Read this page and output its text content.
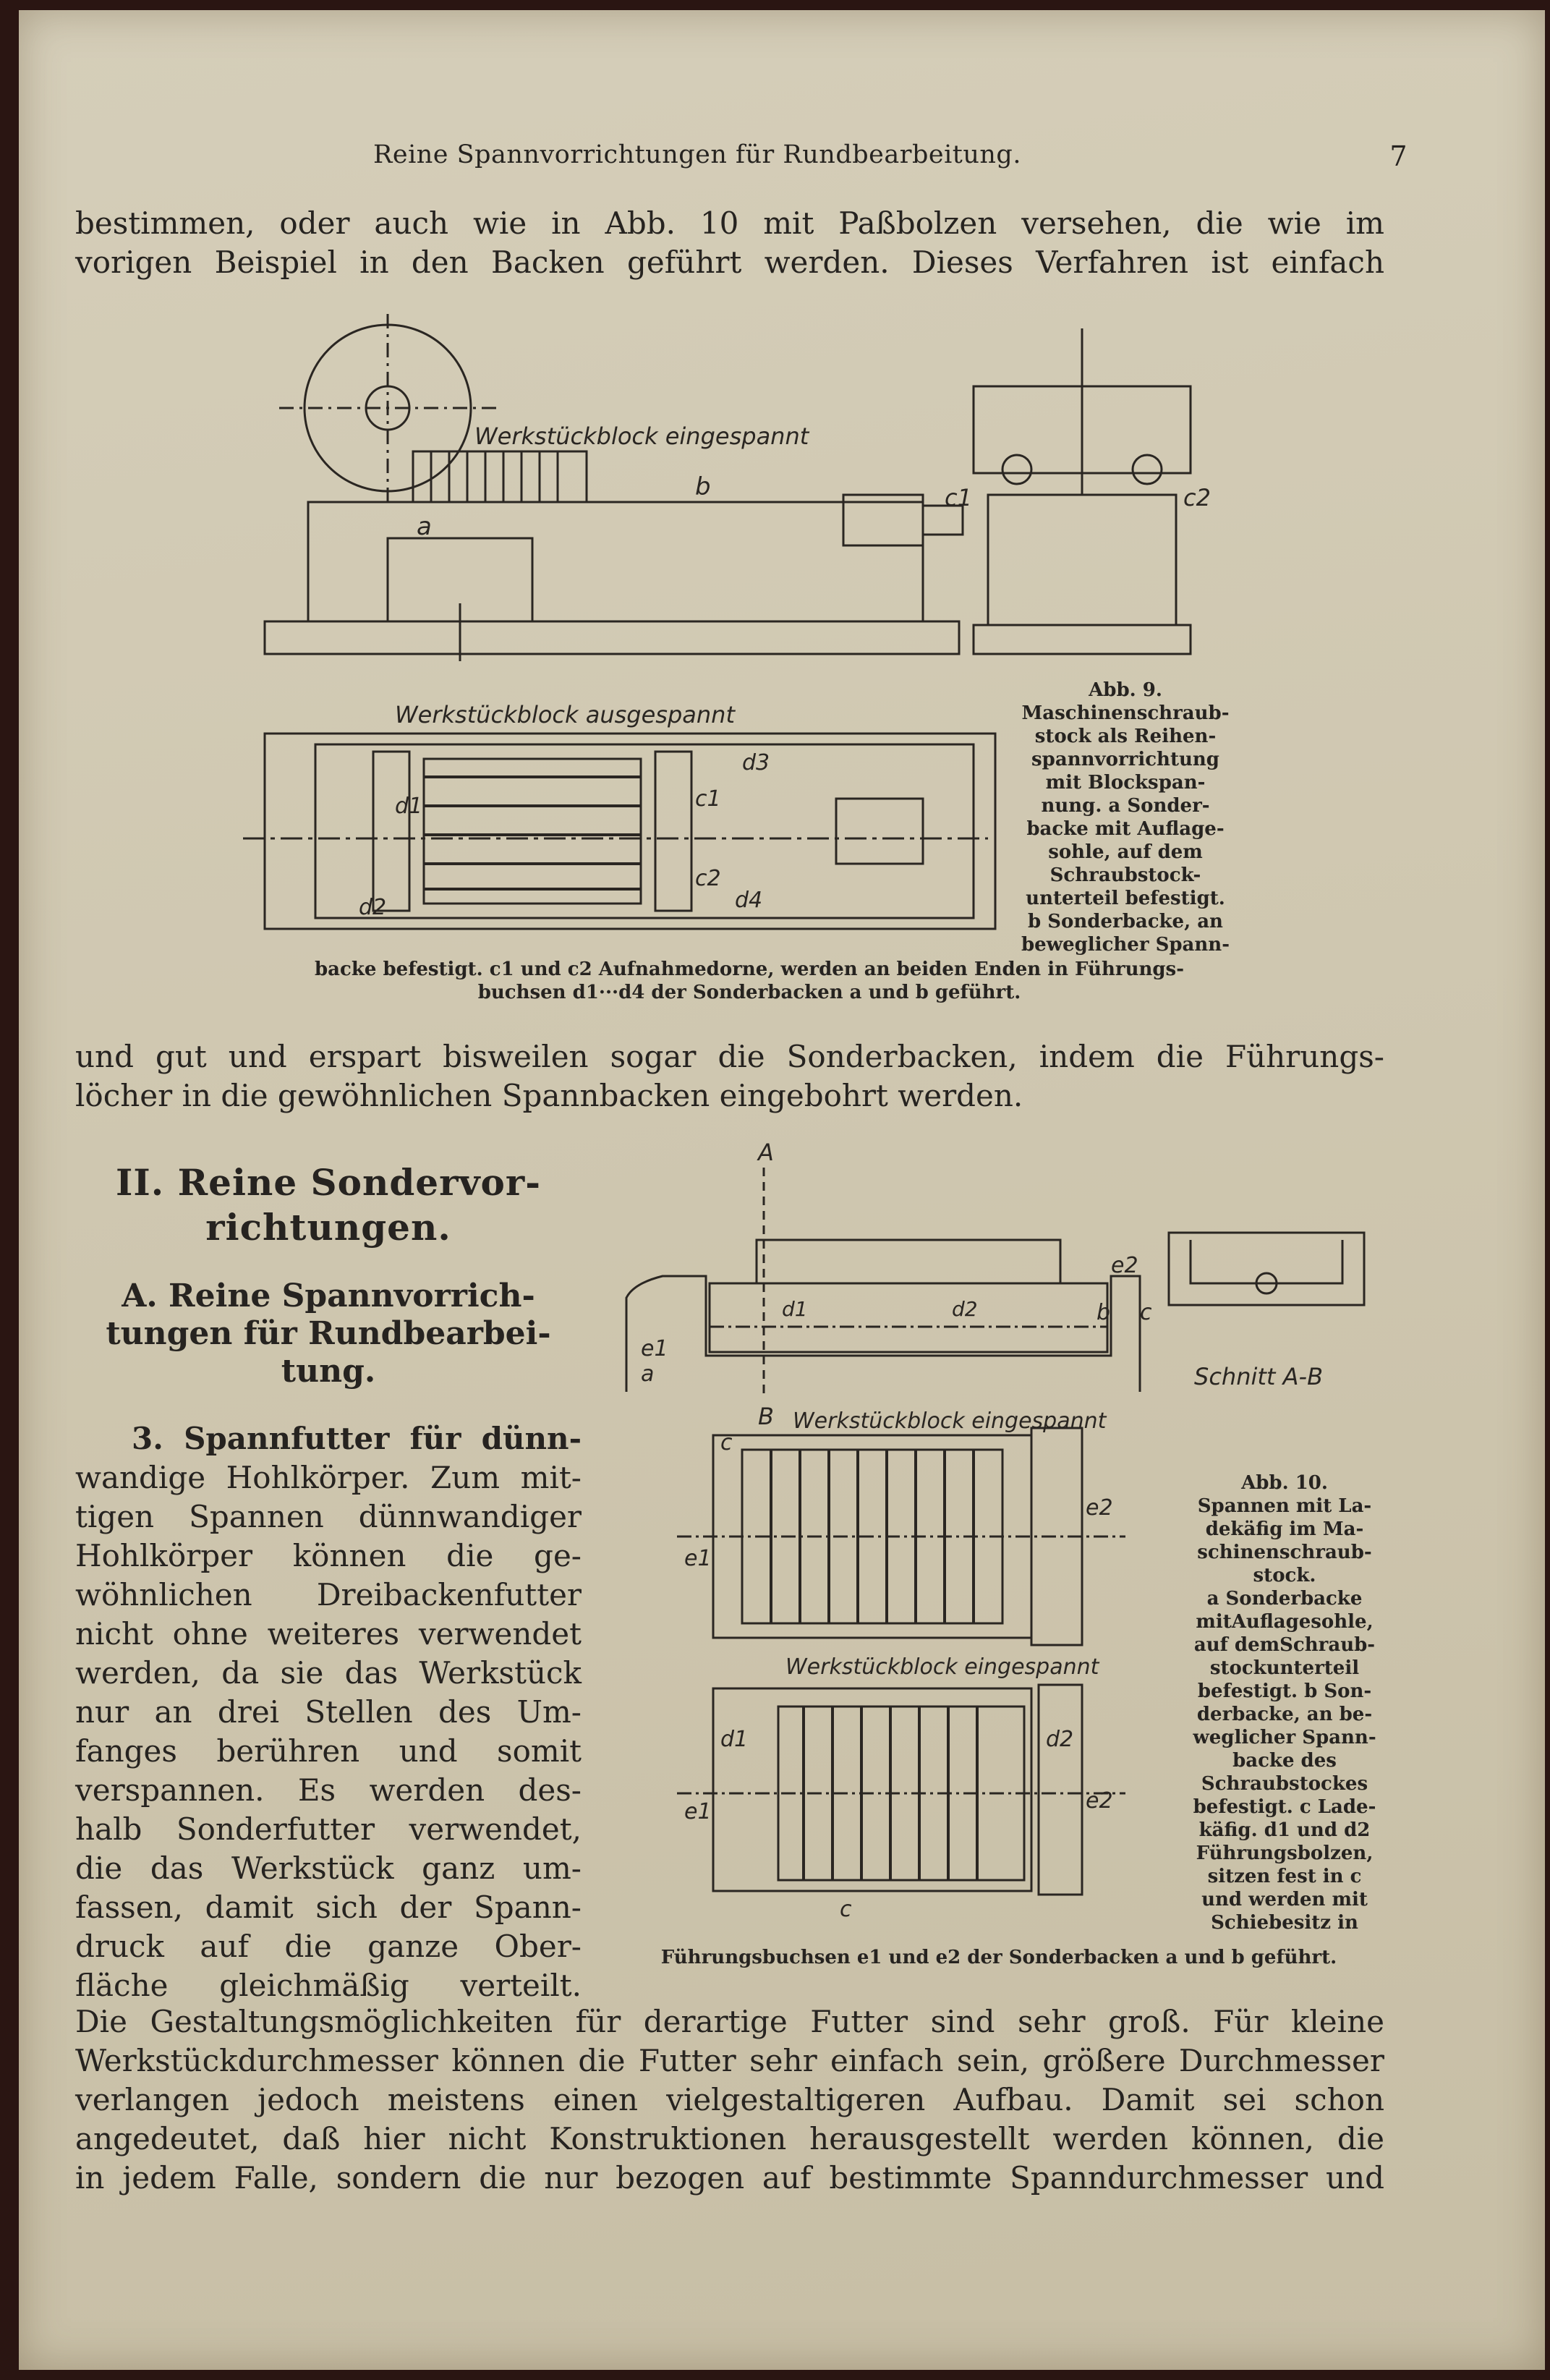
Reine Spannvorrichtungen für Rundbearbeitung.	7
bestimmen, oder auch wie in Abb. 10 mit Paßbolzen versehen, die wie im
vorigen Beispiel in den Backen geführt werden. Dieses Verfahren ist einfach
Werkstückblock eingespannt
a
b	c1	c2
Werkstückblock ausgespannt
d1
d2
d3
d4
c1
c2
Abb. 9.
Maschinenschraub-
stock als Reihen-
spannvorrichtung
mit Blockspan-
nung. a Sonder-
backe mit Auflage-
sohle, auf dem
Schraubstock-
unterteil befestigt.
b Sonderbacke, an
beweglicher Spann-
backe befestigt. c1 und c2 Aufnahmedorne, werden an beiden Enden in Führungs-
buchsen d1···d4 der Sonderbacken a und b geführt.
und gut und erspart bisweilen sogar die Sonderbacken, indem die Führungs-
löcher in die gewöhnlichen Spannbacken eingebohrt werden.
II. Reine Sondervor-
richtungen.
A. Reine Spannvorrich-
tungen für Rundbearbei-
tung.
3. Spannfutter für dünn-
wandige Hohlkörper. Zum mit-
tigen Spannen dünnwandiger
Hohlkörper können die ge-
wöhnlichen Dreibackenfutter
nicht ohne weiteres verwendet
werden, da sie das Werkstück
nur an drei Stellen des Um-
fanges berühren und somit
verspannen. Es werden des-
halb Sonderfutter verwendet,
die das Werkstück ganz um-
fassen, damit sich der Spann-
druck auf die ganze Ober-
fläche gleichmäßig verteilt.
A
B
Schnitt A-B
Werkstückblock eingespannt
Werkstückblock eingespannt
e1
a
b
e2
d1	d2	c
c
e1
e2
d1
e1
d2
e2
c
Abb. 10.
Spannen mit La-
dekäfig im Ma-
schinenschraub-
stock.
a Sonderbacke
mitAuflagesohle,
auf demSchraub-
stockunterteil
befestigt. b Son-
derbacke, an be-
weglicher Spann-
backe des
Schraubstockes
befestigt. c Lade-
käfig. d1 und d2
Führungsbolzen,
sitzen fest in c
und werden mit
Schiebesitz in
Führungsbuchsen e1 und e2 der Sonderbacken a und b geführt.
Die Gestaltungsmöglichkeiten für derartige Futter sind sehr groß. Für kleine
Werkstückdurchmesser können die Futter sehr einfach sein, größere Durchmesser
verlangen jedoch meistens einen vielgestaltigeren Aufbau. Damit sei schon
angedeutet, daß hier nicht Konstruktionen herausgestellt werden können, die
in jedem Falle, sondern die nur bezogen auf bestimmte Spanndurchmesser und
